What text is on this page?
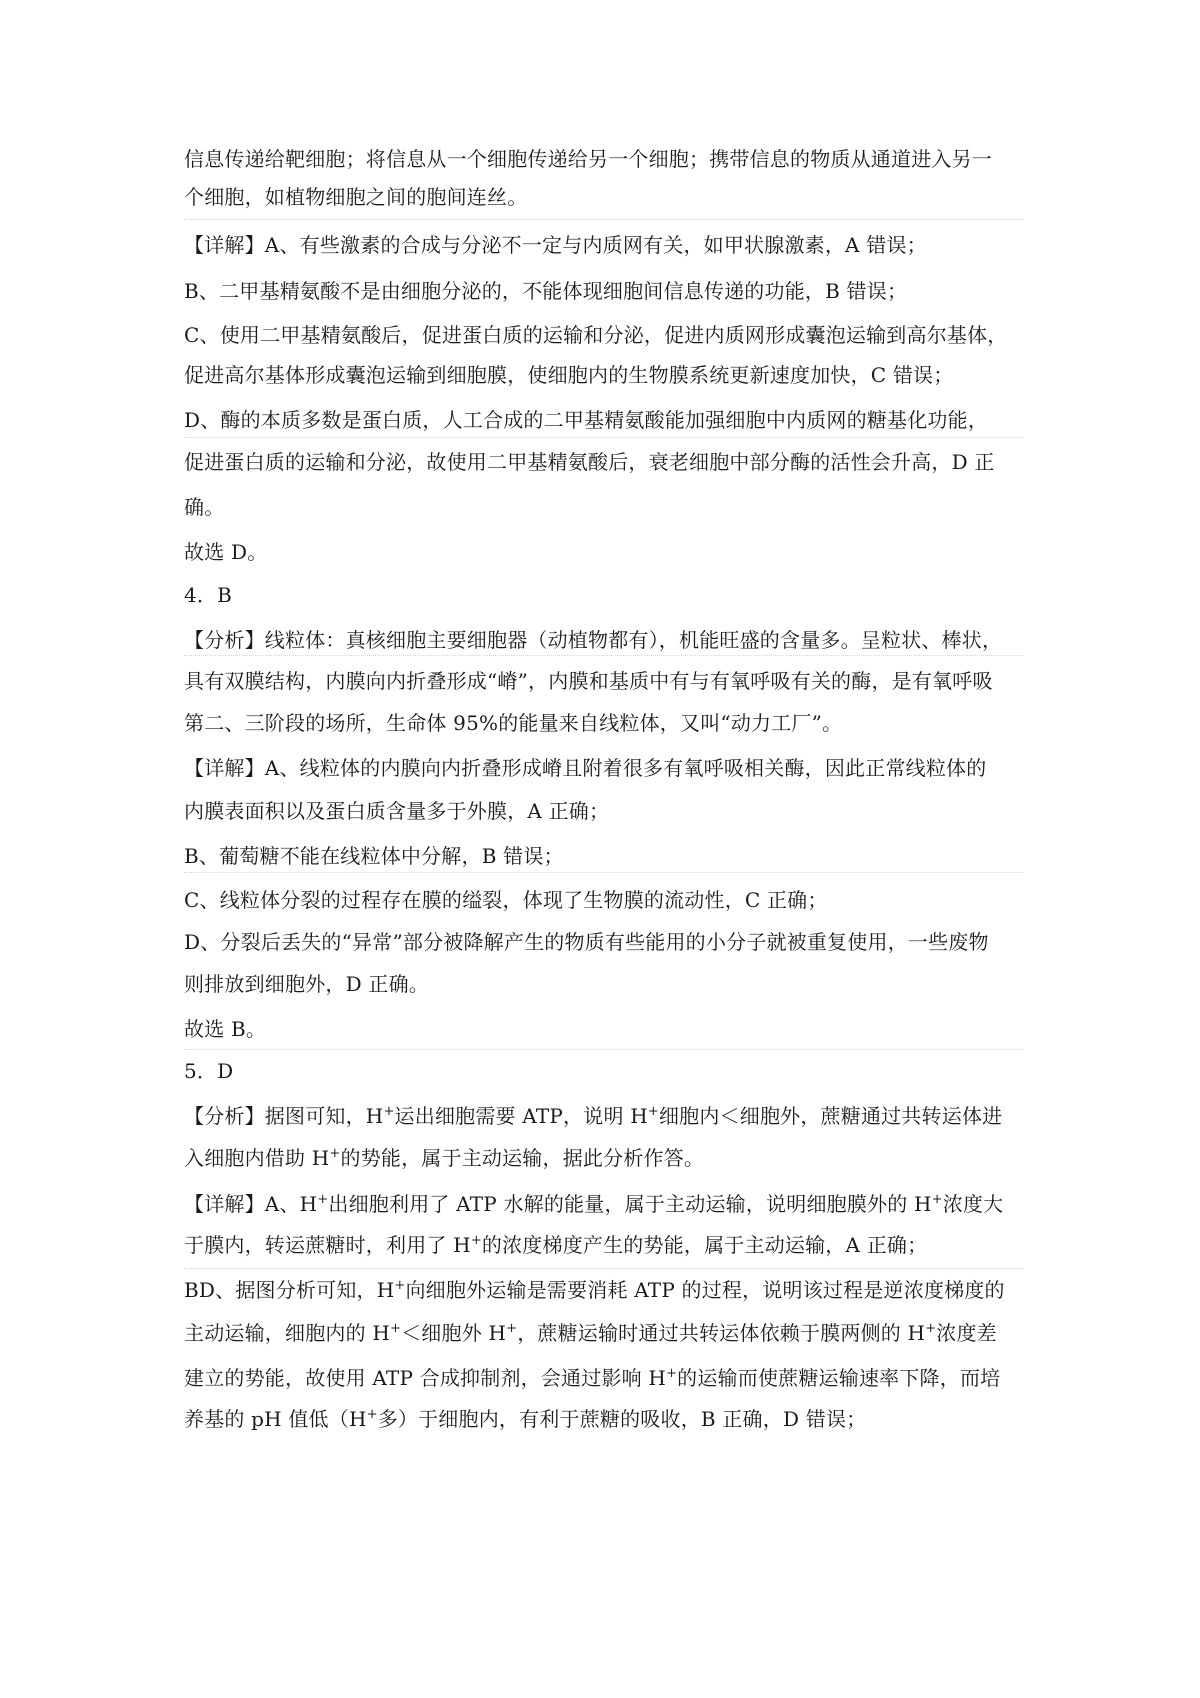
信息传递给靶细胞；将信息从一个细胞传递给另一个细胞；携带信息的物质从通道进入另一
个细胞，如植物细胞之间的胞间连丝。
【详解】A、有些激素的合成与分泌不一定与内质网有关，如甲状腺激素，A 错误；
B、二甲基精氨酸不是由细胞分泌的，不能体现细胞间信息传递的功能，B 错误；
C、使用二甲基精氨酸后，促进蛋白质的运输和分泌，促进内质网形成囊泡运输到高尔基体，
促进高尔基体形成囊泡运输到细胞膜，使细胞内的生物膜系统更新速度加快，C 错误；
D、酶的本质多数是蛋白质，人工合成的二甲基精氨酸能加强细胞中内质网的糖基化功能，
促进蛋白质的运输和分泌，故使用二甲基精氨酸后，衰老细胞中部分酶的活性会升高，D 正
确。
故选 D。
4．B
【分析】线粒体：真核细胞主要细胞器（动植物都有），机能旺盛的含量多。呈粒状、棒状，
具有双膜结构，内膜向内折叠形成“嵴”，内膜和基质中有与有氧呼吸有关的酶，是有氧呼吸
第二、三阶段的场所，生命体 95%的能量来自线粒体，又叫“动力工厂”。
【详解】A、线粒体的内膜向内折叠形成嵴且附着很多有氧呼吸相关酶，因此正常线粒体的
内膜表面积以及蛋白质含量多于外膜，A 正确；
B、葡萄糖不能在线粒体中分解，B 错误；
C、线粒体分裂的过程存在膜的缢裂，体现了生物膜的流动性，C 正确；
D、分裂后丢失的“异常”部分被降解产生的物质有些能用的小分子就被重复使用，一些废物
则排放到细胞外，D 正确。
故选 B。
5．D
【分析】据图可知，H+运出细胞需要 ATP，说明 H+细胞内＜细胞外，蔗糖通过共转运体进
入细胞内借助 H+的势能，属于主动运输，据此分析作答。
【详解】A、H+出细胞利用了 ATP 水解的能量，属于主动运输，说明细胞膜外的 H+浓度大
于膜内，转运蔗糖时，利用了 H+的浓度梯度产生的势能，属于主动运输，A 正确；
BD、据图分析可知，H+向细胞外运输是需要消耗 ATP 的过程，说明该过程是逆浓度梯度的
主动运输，细胞内的 H+＜细胞外 H+，蔗糖运输时通过共转运体依赖于膜两侧的 H+浓度差
建立的势能，故使用 ATP 合成抑制剂，会通过影响 H+的运输而使蔗糖运输速率下降，而培
养基的 pH 值低（H+多）于细胞内，有利于蔗糖的吸收，B 正确，D 错误；
